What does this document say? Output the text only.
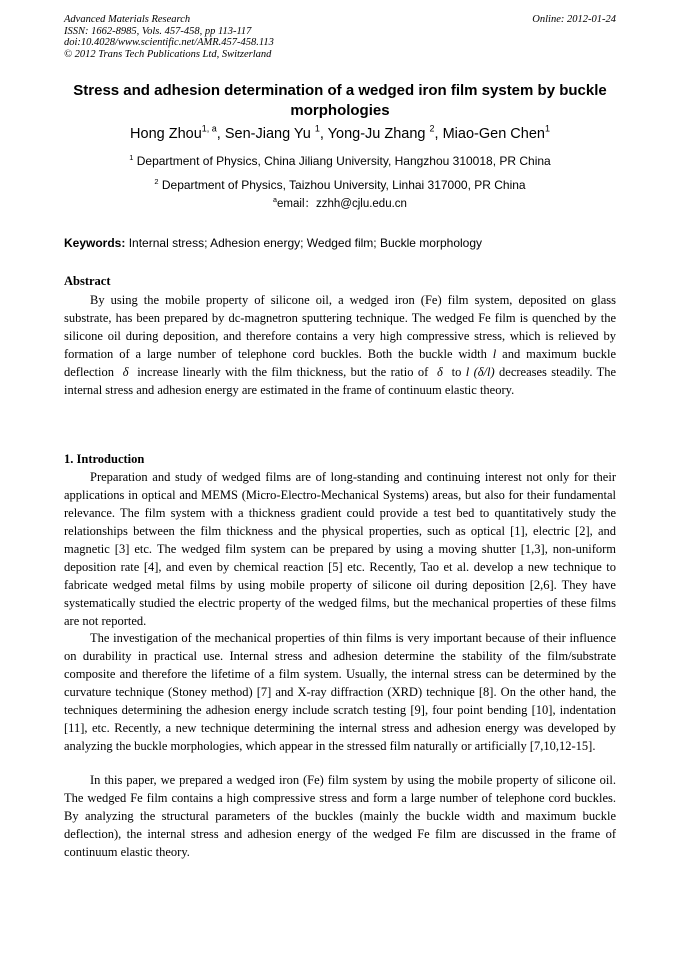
Advanced Materials Research
ISSN: 1662-8985, Vols. 457-458, pp 113-117
doi:10.4028/www.scientific.net/AMR.457-458.113
© 2012 Trans Tech Publications Ltd, Switzerland
Online: 2012-01-24
Stress and adhesion determination of a wedged iron film system by buckle morphologies
Hong Zhou$^{1, a}$, Sen-Jiang Yu $^1$, Yong-Ju Zhang $^2$, Miao-Gen Chen$^1$
$^1$ Department of Physics, China Jiliang University, Hangzhou 310018, PR China
$^2$ Department of Physics, Taizhou University, Linhai 317000, PR China
$^a$email：zzhh@cjlu.edu.cn
Keywords: Internal stress; Adhesion energy; Wedged film; Buckle morphology
Abstract
By using the mobile property of silicone oil, a wedged iron (Fe) film system, deposited on glass substrate, has been prepared by dc-magnetron sputtering technique. The wedged Fe film is quenched by the silicone oil during deposition, and therefore contains a very high compressive stress, which is relieved by formation of a large number of telephone cord buckles. Both the buckle width l and maximum buckle deflection δ increase linearly with the film thickness, but the ratio of δ to l (δ/l) decreases steadily. The internal stress and adhesion energy are estimated in the frame of continuum elastic theory.
1. Introduction
Preparation and study of wedged films are of long-standing and continuing interest not only for their applications in optical and MEMS (Micro-Electro-Mechanical Systems) areas, but also for their fundamental relevance. The film system with a thickness gradient could provide a test bed to quantitatively study the relationships between the film thickness and the physical properties, such as optical [1], electric [2], and magnetic [3] etc. The wedged film system can be prepared by using a moving shutter [1,3], non-uniform deposition rate [4], and even by chemical reaction [5] etc. Recently, Tao et al. develop a new technique to fabricate wedged metal films by using mobile property of silicone oil during deposition [2,6]. They have systematically studied the electric property of the wedged films, but the mechanical properties of these films are not reported.
The investigation of the mechanical properties of thin films is very important because of their influence on durability in practical use. Internal stress and adhesion determine the stability of the film/substrate composite and therefore the lifetime of a film system. Usually, the internal stress can be determined by the curvature technique (Stoney method) [7] and X-ray diffraction (XRD) technique [8]. On the other hand, the techniques determining the adhesion energy include scratch testing [9], four point bending [10], indentation [11], etc. Recently, a new technique determining the internal stress and adhesion energy was developed by analyzing the buckle morphologies, which appear in the stressed film naturally or artificially [7,10,12-15].
In this paper, we prepared a wedged iron (Fe) film system by using the mobile property of silicone oil. The wedged Fe film contains a high compressive stress and form a large number of telephone cord buckles. By analyzing the structural parameters of the buckles (mainly the buckle width and maximum buckle deflection), the internal stress and adhesion energy of the wedged Fe film are discussed in the frame of continuum elastic theory.
